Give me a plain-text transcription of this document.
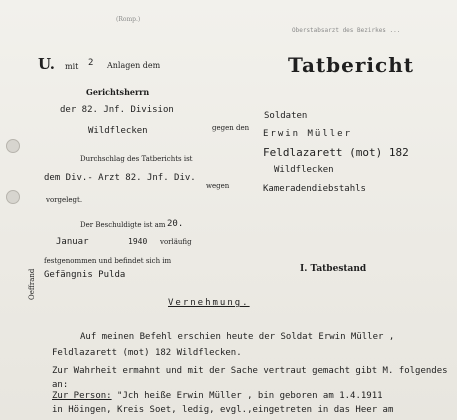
(Romp.)
Oberstabsarzt des Bezirkes ...
U. mit 2 Anlagen dem
Gerichtsherrn
der 82. Jnf. Division
Wildflecken
Durchschlag des Tatberichts ist
dem Div.- Arzt 82. Jnf. Div.
vorgelegt.
Der Beschuldigte ist am 20.
Januar	1940 vorläufig
festgenommen und befindet sich im
Gefängnis Pulda
Oeffrand
Tatbericht
gegen den
Soldaten
Erwin Müller
Feldlazarett (mot) 182
Wildflecken
wegen	Kameradendiebstahls
I. Tatbestand
Vernehmung.
Auf meinen Befehl erschien heute der Soldat Erwin Müller ,
Feldlazarett (mot) 182 Wildflecken.
Zur Wahrheit ermahnt und mit der Sache vertraut gemacht gibt M. folgendes an:
Zur Person: "Jch heiße Erwin Müller , bin geboren am 1.4.1911
in Höingen, Kreis Soet, ledig, evgl.,eingetreten in das Heer am
